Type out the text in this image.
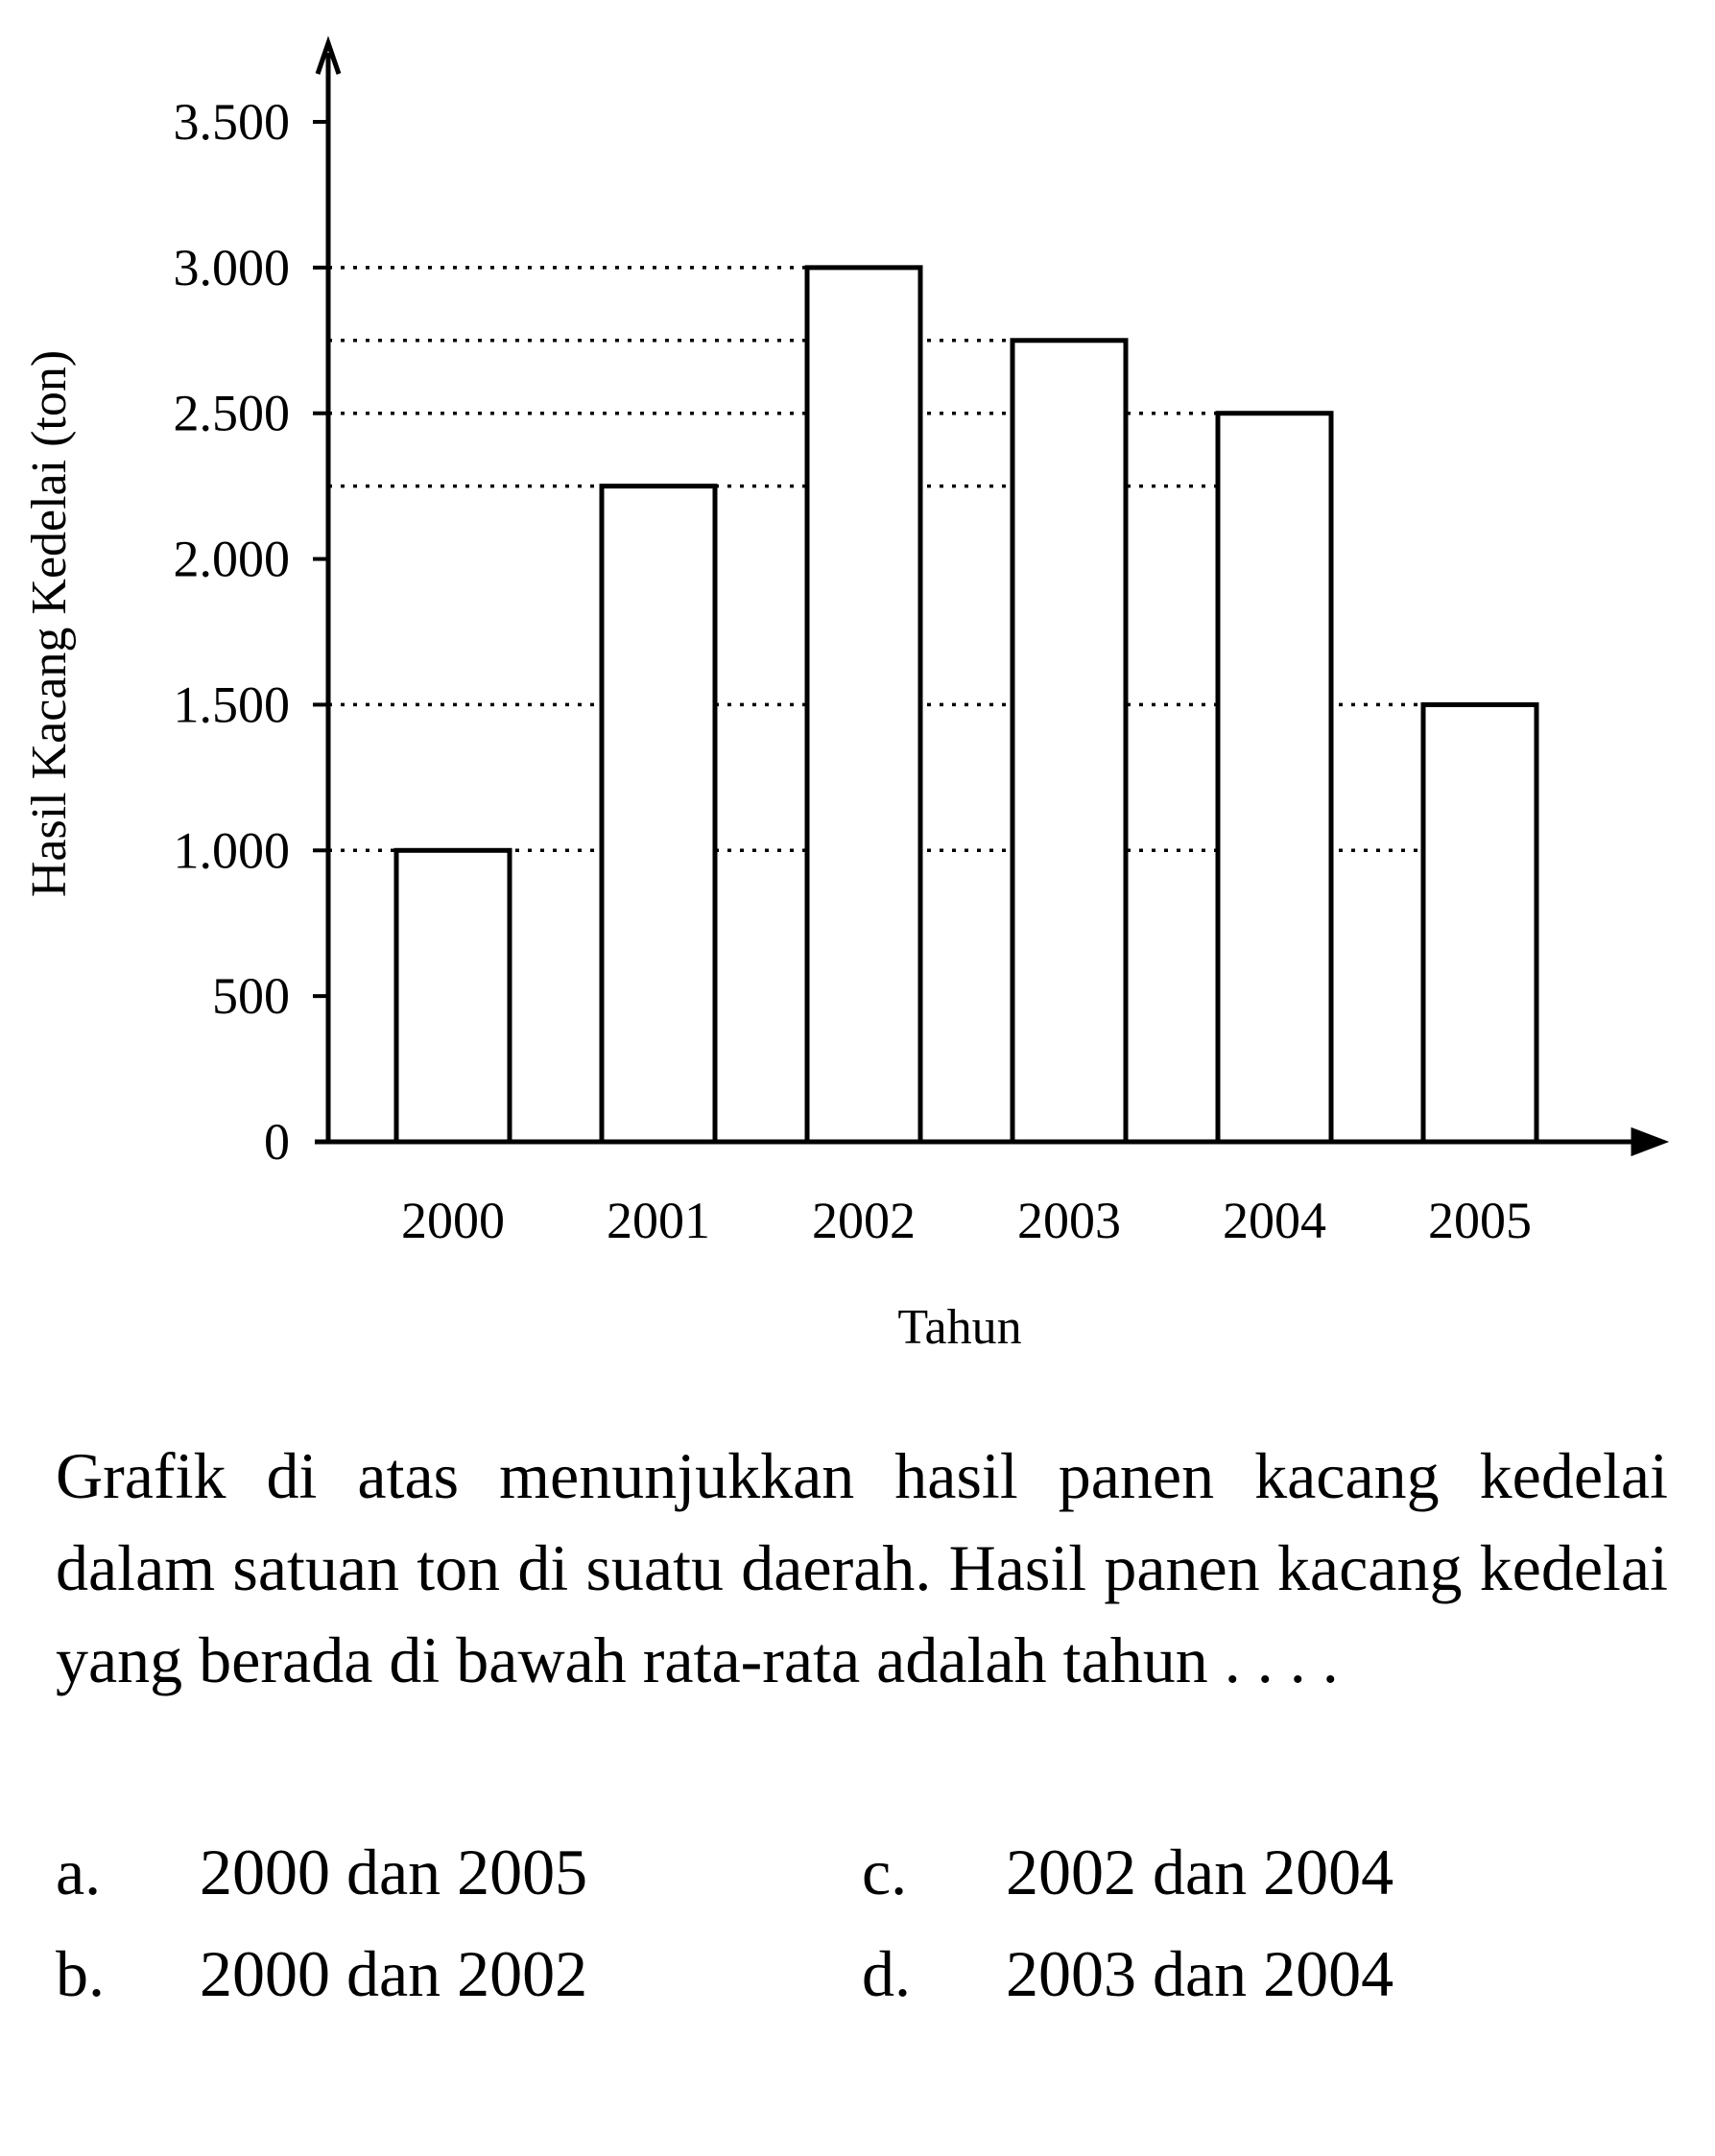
0
500
1.000
1.500
2.000
2.500
3.000
3.500
2000 2001 2002 2003 2004 2005
Hasil Kacang Kedelai (ton)
Tahun
Grafik di atas menunjukkan hasil panen kacang kedelai dalam satuan ton di suatu daerah. Hasil panen kacang kedelai yang berada di bawah rata-rata adalah tahun . . . .
a.	2000 dan 2005	c.	2002 dan 2004
b.	2000 dan 2002	d.	2003 dan 2004
